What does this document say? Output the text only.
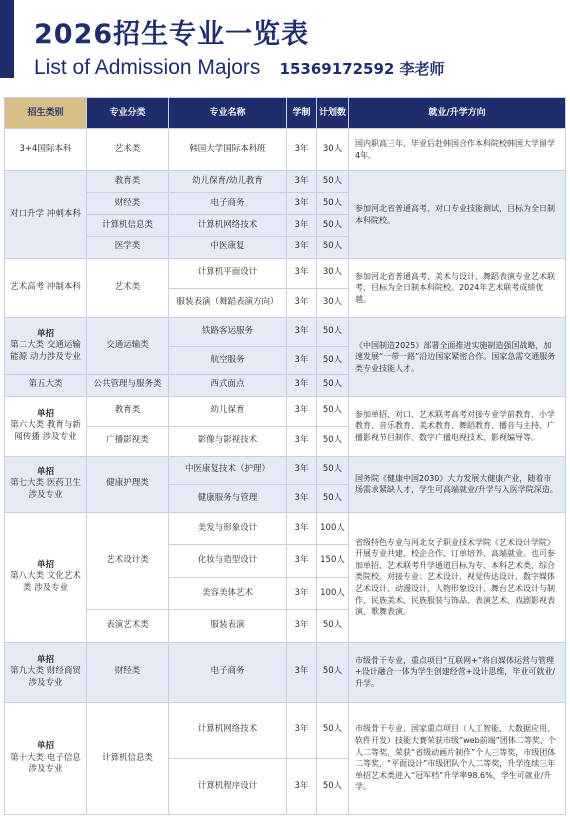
2026招生专业一览表
List of Admission Majors 15369172592 李老师
招生类别	专业分类	专业名称	学制	计划数	就业/升学方向
3+4国际本科	艺术类	韩国大学国际本科班	3年	30人	国内职高三年，毕业后赴韩国合作本科院校韩国大学留学4年。
对口升学 冲刺本科	教育类	幼儿保育/幼儿教育	3年	50人	参加河北省普通高考、对口专业技能测试，目标为全日制本科院校。
	财经类	电子商务	3年	50人	
	计算机信息类	计算机网络技术	3年	50人	
	医学类	中医康复	3年	50人	
艺术高考 冲制本科	艺术类	计算机平面设计	3年	30人	参加河北省普通高考、美术与设计、舞蹈表演专业艺术联考，目标为全日制本科院校。2024年艺术联考成绩优越。
		服装表演（舞蹈表演方向）	3年	30人	

单招
第二大类 交通运输能源 动力涉及专业	交通运输类	铁路客运服务	3年	50人	《中国制造2025》部署全面推进实施制造强国战略，加速发展“一带一路”沿边国家紧密合作。国家急需交通服务类专业技能人才。
		航空服务	3年	50人	
第五大类	公共管理与服务类	西式面点	3年	50人	

单招
第六大类 教育与新闻传播 涉及专业	教育类	幼儿保育	3年	50人	参加单招、对口、艺术联考高考对接专业学前教育、小学教育、音乐教育、美术教育、舞蹈教育、播音与主持、广播影视节目制作、数字广播电视技术、影视编导等。
	广播影视类	影像与影视技术	3年	50人	

单招
第七大类 医药卫生 涉及专业	健康护理类	中医康复技术（护理）	3年	50人	国务院《健康中国2030》大力发展大健康产业，随着市场需求紧缺人才，学生可高端就业/升学与入医学院深造。
		健康服务与管理	3年	50人	

单招
第八大类 文化艺术类 涉及专业	艺术设计类	美发与形象设计	3年	100人	省级特色专业与河北女子职业技术学院《艺术设计学院》开展专业共建、校企合作、订单培养、高端就业。也可参加单招、艺术联考升学通道目标为专、本科艺术类、综合类院校。对接专业：艺术设计、视觉传达设计、数字媒体艺术设计、动漫设计、人物形象设计、舞台艺术设计与制作、民族美术、民族服装与饰品、表演艺术、戏剧影视表演、歌舞表演。
		化妆与造型设计	3年	150人	
		美容美体艺术	3年	100人	
	表演艺术类	服装表演	3年	50人	

单招
第九大类 财经商贸 涉及专业	财经类	电子商务	3年	50人	市级骨干专业，重点项目“互联网+”将自媒体运营与管理+设计融合一体为学生创建经营+设计思维，毕业可就业/升学。

单招
第十大类 电子信息 涉及专业	计算机信息类	计算机网络技术	3年	50人	市级骨干专业、国家重点项目（人工智能、大数据应用、软件开发）技能大赛荣获市级“web前端”团体二等奖、个人二等奖，荣获“省级动画片制作”个人三等奖，市级团体二等奖，“平面设计”市级团队个人二等奖，升学连续三年单招艺术类进入“冠军档”升学率98.6%，学生可就业/升学。
		计算机程序设计	3年	50人	
